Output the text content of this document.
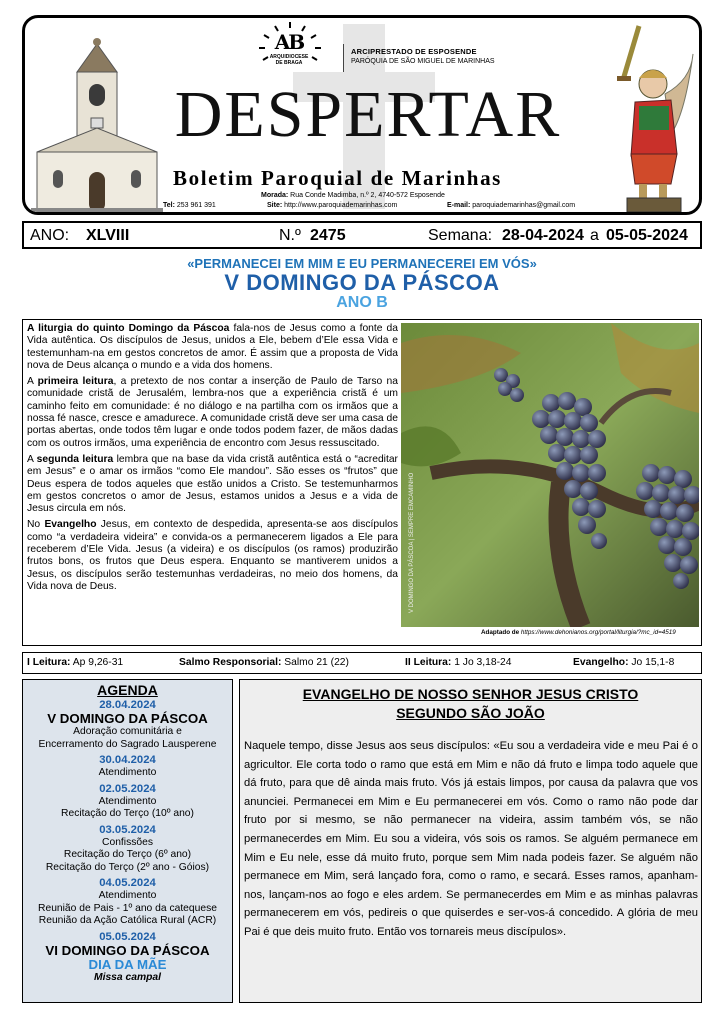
AB
ARQUIDIOCESE
DE BRAGA
ARCIPRESTADO DE ESPOSENDE
PARÓQUIA DE SÃO MIGUEL DE MARINHAS
DESPERTAR
Boletim Paroquial de Marinhas
Morada: Rua Conde Madimba, n.º 2, 4740-572 Esposende
Tel: 253 961 391	Site: http://www.paroquiademarinhas.com	E-mail: paroquiademarinhas@gmail.com
ANO: XLVIII	N.º 2475	Semana: 28-04-2024 a 05-05-2024
«PERMANECEI EM MIM E EU PERMANECEREI EM VÓS»
V DOMINGO DA PÁSCOA
ANO B

A liturgia do quinto Domingo da Páscoa fala-nos de Jesus como a fonte da Vida autêntica. Os discípulos de Jesus, unidos a Ele, bebem d’Ele essa Vida e testemunham-na em gestos concretos de amor. É assim que a proposta de Vida nova de Deus alcança o mundo e a vida dos homens.

A primeira leitura, a pretexto de nos contar a inserção de Paulo de Tarso na comunidade cristã de Jerusalém, lembra-nos que a experiência cristã é um caminho feito em comunidade: é no diálogo e na partilha com os irmãos que a nossa fé nasce, cresce e amadurece. A comunidade cristã deve ser uma casa de portas abertas, onde todos têm lugar e onde todos podem fazer, de mãos dadas com os outros irmãos, uma experiência de encontro com Jesus ressuscitado.

A segunda leitura lembra que na base da vida cristã autêntica está o “acreditar em Jesus” e o amar os irmãos “como Ele mandou”. São esses os “frutos” que Deus espera de todos aqueles que estão unidos a Cristo. Se testemunharmos em gestos concretos o amor de Jesus, estamos unidos a Jesus e a vida de Jesus circula em nós.

No Evangelho Jesus, em contexto de despedida, apresenta-se aos discípulos como “a verdadeira videira” e convida-os a permanecerem ligados a Ele para receberem d’Ele Vida. Jesus (a videira) e os discípulos (os ramos) produzirão frutos bons, os frutos que Deus espera. Enquanto se mantiverem unidos a Jesus, os discípulos serão testemunhas verdadeiras, no meio dos homens, da Vida nova de Deus.	V DOMINGO DA PÁSCOA | SEMPRE EMCAMINHO
Adaptado de https://www.dehonianos.org/portal/liturgia/?mc_id=4519
I Leitura: Ap 9,26-31	Salmo Responsorial: Salmo 21 (22)	II Leitura: 1 Jo 3,18-24	Evangelho: Jo 15,1-8
AGENDA
28.04.2024
V DOMINGO DA PÁSCOA
Adoração comunitária e
Encerramento do Sagrado Lausperene
30.04.2024
Atendimento
02.05.2024
Atendimento
Recitação do Terço (10º ano)
03.05.2024
Confissões
Recitação do Terço (6º ano)
Recitação do Terço (2º ano - Góios)
04.05.2024
Atendimento
Reunião de Pais - 1º ano da catequese
Reunião da Ação Católica Rural (ACR)
05.05.2024
VI DOMINGO DA PÁSCOA
DIA DA MÃE
Missa campal
EVANGELHO DE NOSSO SENHOR JESUS CRISTO
SEGUNDO SÃO JOÃO
Naquele tempo, disse Jesus aos seus discípulos: «Eu sou a verdadeira vide e meu Pai é o agricultor. Ele corta todo o ramo que está em Mim e não dá fruto e limpa todo aquele que dá fruto, para que dê ainda mais fruto. Vós já estais limpos, por causa da palavra que vos anunciei. Permanecei em Mim e Eu permanecerei em vós. Como o ramo não pode dar fruto por si mesmo, se não permanecer na videira, assim também vós, se não permanecerdes em Mim. Eu sou a videira, vós sois os ramos. Se alguém permanece em Mim e Eu nele, esse dá muito fruto, porque sem Mim nada podeis fazer. Se alguém não permanece em Mim, será lançado fora, como o ramo, e secará. Esses ramos, apanham-nos, lançam-nos ao fogo e eles ardem. Se permanecerdes em Mim e as minhas palavras permanecerem em vós, pedireis o que quiserdes e ser-vos-á concedido. A glória de meu Pai é que deis muito fruto. Então vos tornareis meus discípulos».
